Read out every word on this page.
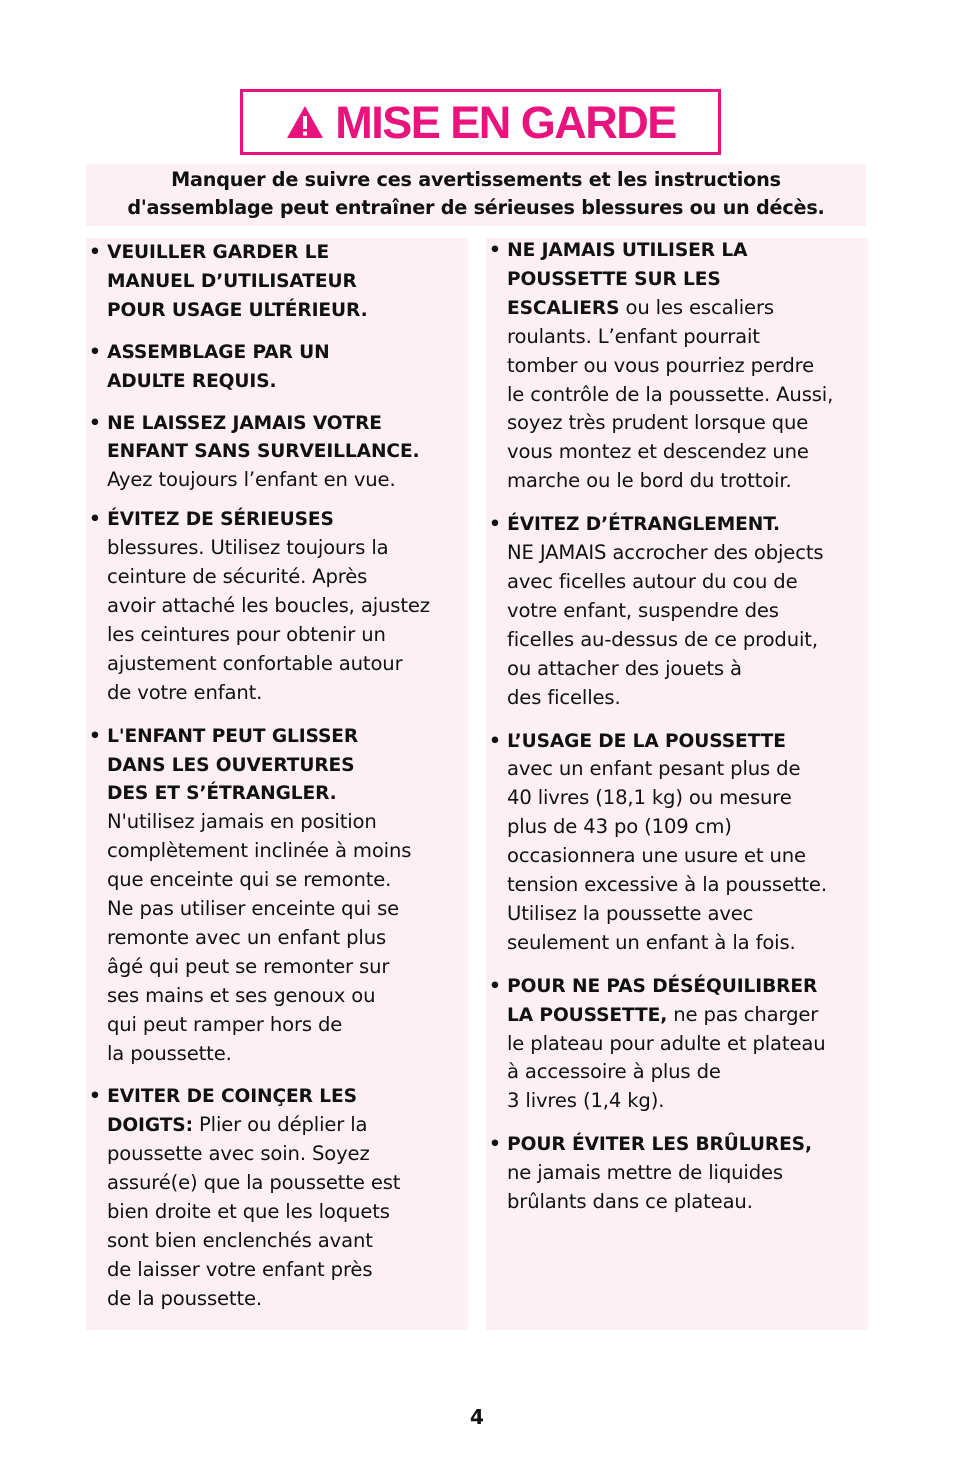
MISE EN GARDE
Manquer de suivre ces avertissements et les instructions
d'assemblage peut entraîner de sérieuses blessures ou un décès.
• VEUILLER GARDER LE
MANUEL D’UTILISATEUR
POUR USAGE ULTÉRIEUR.
• ASSEMBLAGE PAR UN
ADULTE REQUIS.
• NE LAISSEZ JAMAIS VOTRE
ENFANT SANS SURVEILLANCE.
Ayez toujours l’enfant en vue.
• ÉVITEZ DE SÉRIEUSES
blessures. Utilisez toujours la
ceinture de sécurité. Après
avoir attaché les boucles, ajustez
les ceintures pour obtenir un
ajustement confortable autour
de votre enfant.
• L'ENFANT PEUT GLISSER
DANS LES OUVERTURES
DES ET S’ÉTRANGLER.
N'utilisez jamais en position
complètement inclinée à moins
que enceinte qui se remonte.
Ne pas utiliser enceinte qui se
remonte avec un enfant plus
âgé qui peut se remonter sur
ses mains et ses genoux ou
qui peut ramper hors de
la poussette.
• EVITER DE COINÇER LES
DOIGTS: Plier ou déplier la
poussette avec soin. Soyez
assuré(e) que la poussette est
bien droite et que les loquets
sont bien enclenchés avant
de laisser votre enfant près
de la poussette.
• NE JAMAIS UTILISER LA
POUSSETTE SUR LES
ESCALIERS ou les escaliers
roulants. L’enfant pourrait
tomber ou vous pourriez perdre
le contrôle de la poussette. Aussi,
soyez très prudent lorsque que
vous montez et descendez une
marche ou le bord du trottoir.
• ÉVITEZ D’ÉTRANGLEMENT.
NE JAMAIS accrocher des objects
avec ficelles autour du cou de
votre enfant, suspendre des
ficelles au-dessus de ce produit,
ou attacher des jouets à
des ficelles.
• L’USAGE DE LA POUSSETTE
avec un enfant pesant plus de
40 livres (18,1 kg) ou mesure
plus de 43 po (109 cm)
occasionnera une usure et une
tension excessive à la poussette.
Utilisez la poussette avec
seulement un enfant à la fois.
• POUR NE PAS DÉSÉQUILIBRER
LA POUSSETTE, ne pas charger
le plateau pour adulte et plateau
à accessoire à plus de
3 livres (1,4 kg).
• POUR ÉVITER LES BRÛLURES,
ne jamais mettre de liquides
brûlants dans ce plateau.
4
